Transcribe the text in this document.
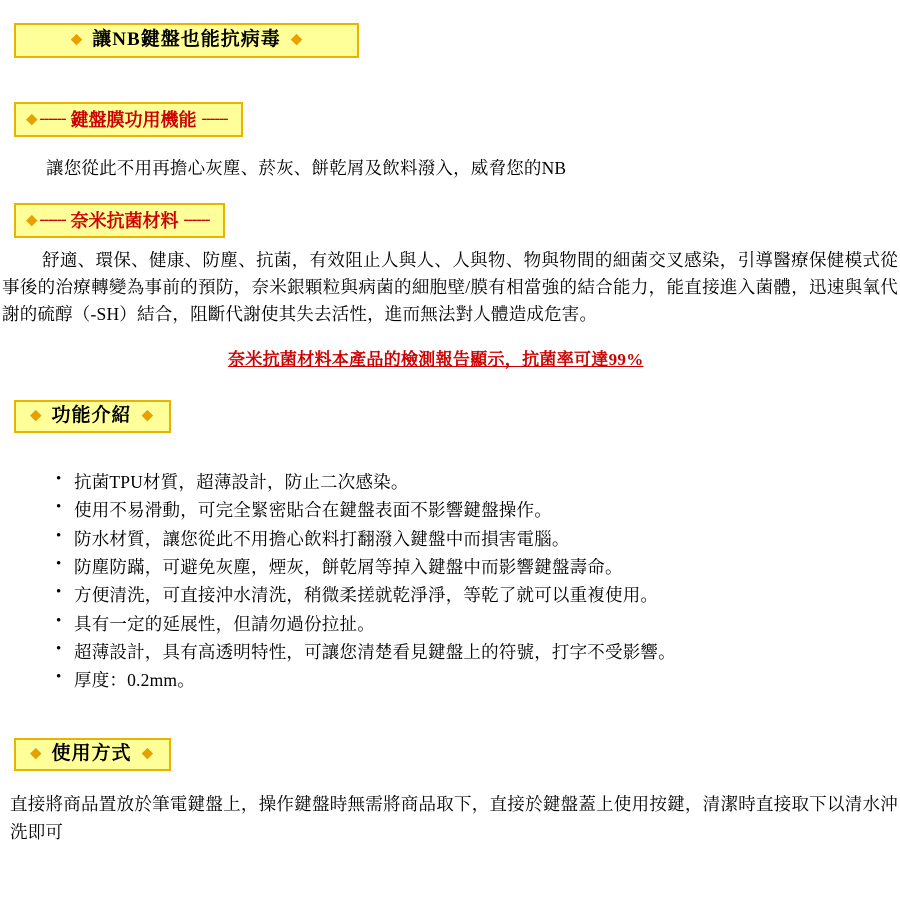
◆ 讓NB鍵盤也能抗病毒 ◆
◆ ------ 鍵盤膜功用機能 ------
讓您從此不用再擔心灰塵、菸灰、餅乾屑及飲料潑入，威脅您的NB
◆ ------ 奈米抗菌材料 ------
舒適、環保、健康、防塵、抗菌，有效阻止人與人、人與物、物與物間的細菌交叉感染，引導醫療保健模式從事後的治療轉變為事前的預防，奈米銀顆粒與病菌的細胞壁/膜有相當強的結合能力，能直接進入菌體，迅速與氧代謝的硫醇（-SH）結合，阻斷代謝使其失去活性，進而無法對人體造成危害。
奈米抗菌材料本產品的檢測報告顯示，抗菌率可達99%
◆ 功能介紹 ◆
• 抗菌TPU材質，超薄設計，防止二次感染。
• 使用不易滑動，可完全緊密貼合在鍵盤表面不影響鍵盤操作。
• 防水材質，讓您從此不用擔心飲料打翻潑入鍵盤中而損害電腦。
• 防塵防蹣，可避免灰塵，煙灰，餅乾屑等掉入鍵盤中而影響鍵盤壽命。
• 方便清洗，可直接沖水清洗，稍微柔搓就乾淨淨，等乾了就可以重複使用。
• 具有一定的延展性，但請勿過份拉扯。
• 超薄設計，具有高透明特性，可讓您清楚看見鍵盤上的符號，打字不受影響。
• 厚度：0.2mm。
◆ 使用方式 ◆
直接將商品置放於筆電鍵盤上，操作鍵盤時無需將商品取下，直接於鍵盤蓋上使用按鍵，清潔時直接取下以清水沖洗即可
